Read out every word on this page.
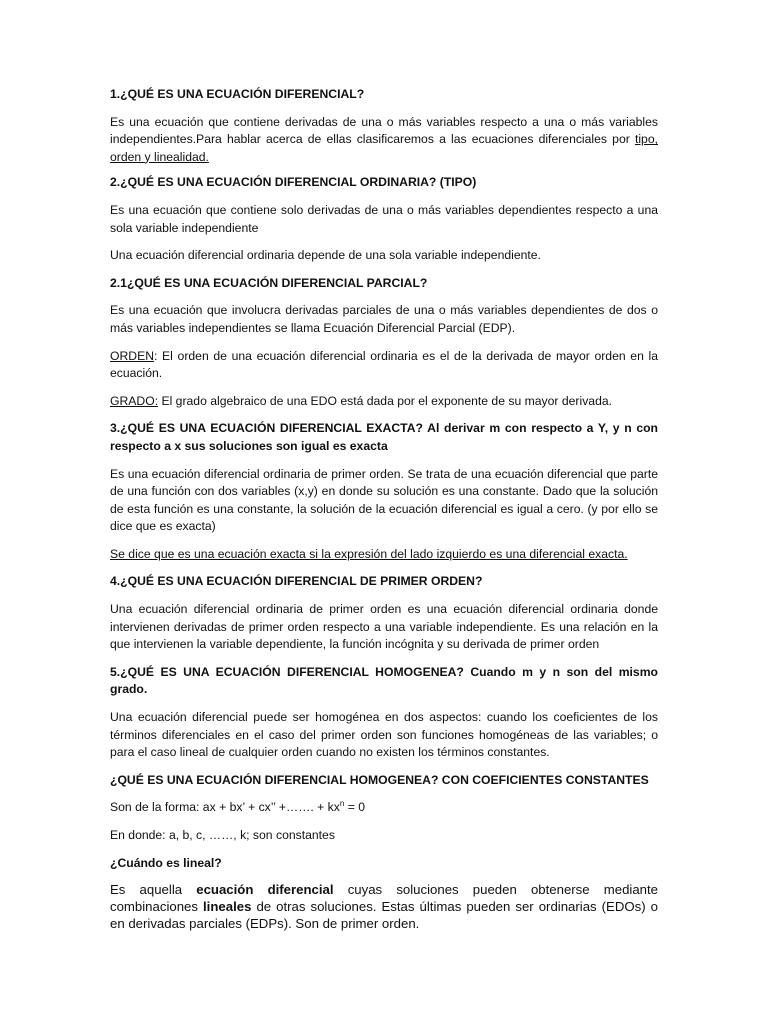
1.¿QUÉ ES UNA ECUACIÓN DIFERENCIAL?

Es una ecuación que contiene derivadas de una o más variables respecto a una o más variables independientes.Para hablar acerca de ellas clasificaremos a las ecuaciones diferenciales por tipo, orden y linealidad.

2.¿QUÉ ES UNA ECUACIÓN DIFERENCIAL ORDINARIA? (TIPO)

Es una ecuación que contiene solo derivadas de una o más variables dependientes respecto a una sola variable independiente

Una ecuación diferencial ordinaria depende de una sola variable independiente.

2.1¿QUÉ ES UNA ECUACIÓN DIFERENCIAL PARCIAL?

Es una ecuación que involucra derivadas parciales de una o más variables dependientes de dos o más variables independientes se llama Ecuación Diferencial Parcial (EDP).

ORDEN: El orden de una ecuación diferencial ordinaria es el de la derivada de mayor orden en la ecuación.

GRADO: El grado algebraico de una EDO está dada por el exponente de su mayor derivada.

3.¿QUÉ ES UNA ECUACIÓN DIFERENCIAL EXACTA? Al derivar m con respecto a Y, y n con respecto a x sus soluciones son igual es exacta

Es una ecuación diferencial ordinaria de primer orden. Se trata de una ecuación diferencial que parte de una función con dos variables (x,y) en donde su solución es una constante. Dado que la solución de esta función es una constante, la solución de la ecuación diferencial es igual a cero. (y por ello se dice que es exacta)

Se dice que es una ecuación exacta si la expresión del lado izquierdo es una diferencial exacta.

4.¿QUÉ ES UNA ECUACIÓN DIFERENCIAL DE PRIMER ORDEN?

Una ecuación diferencial ordinaria de primer orden es una ecuación diferencial ordinaria donde intervienen derivadas de primer orden respecto a una variable independiente. Es una relación en la que intervienen la variable dependiente, la función incógnita y su derivada de primer orden

5.¿QUÉ ES UNA ECUACIÓN DIFERENCIAL HOMOGENEA? Cuando m y n son del mismo grado.

Una ecuación diferencial puede ser homogénea en dos aspectos: cuando los coeficientes de los términos diferenciales en el caso del primer orden son funciones homogéneas de las variables; o para el caso lineal de cualquier orden cuando no existen los términos constantes.

¿QUÉ ES UNA ECUACIÓN DIFERENCIAL HOMOGENEA? CON COEFICIENTES CONSTANTES

Son de la forma: ax + bx’ + cx’’ +……. + $kx^n = 0$

En donde: a, b, c, ……, k; son constantes

¿Cuándo es lineal?

Es aquella ecuación diferencial cuyas soluciones pueden obtenerse mediante combinaciones lineales de otras soluciones. Estas últimas pueden ser ordinarias (EDOs) o en derivadas parciales (EDPs). Son de primer orden.
